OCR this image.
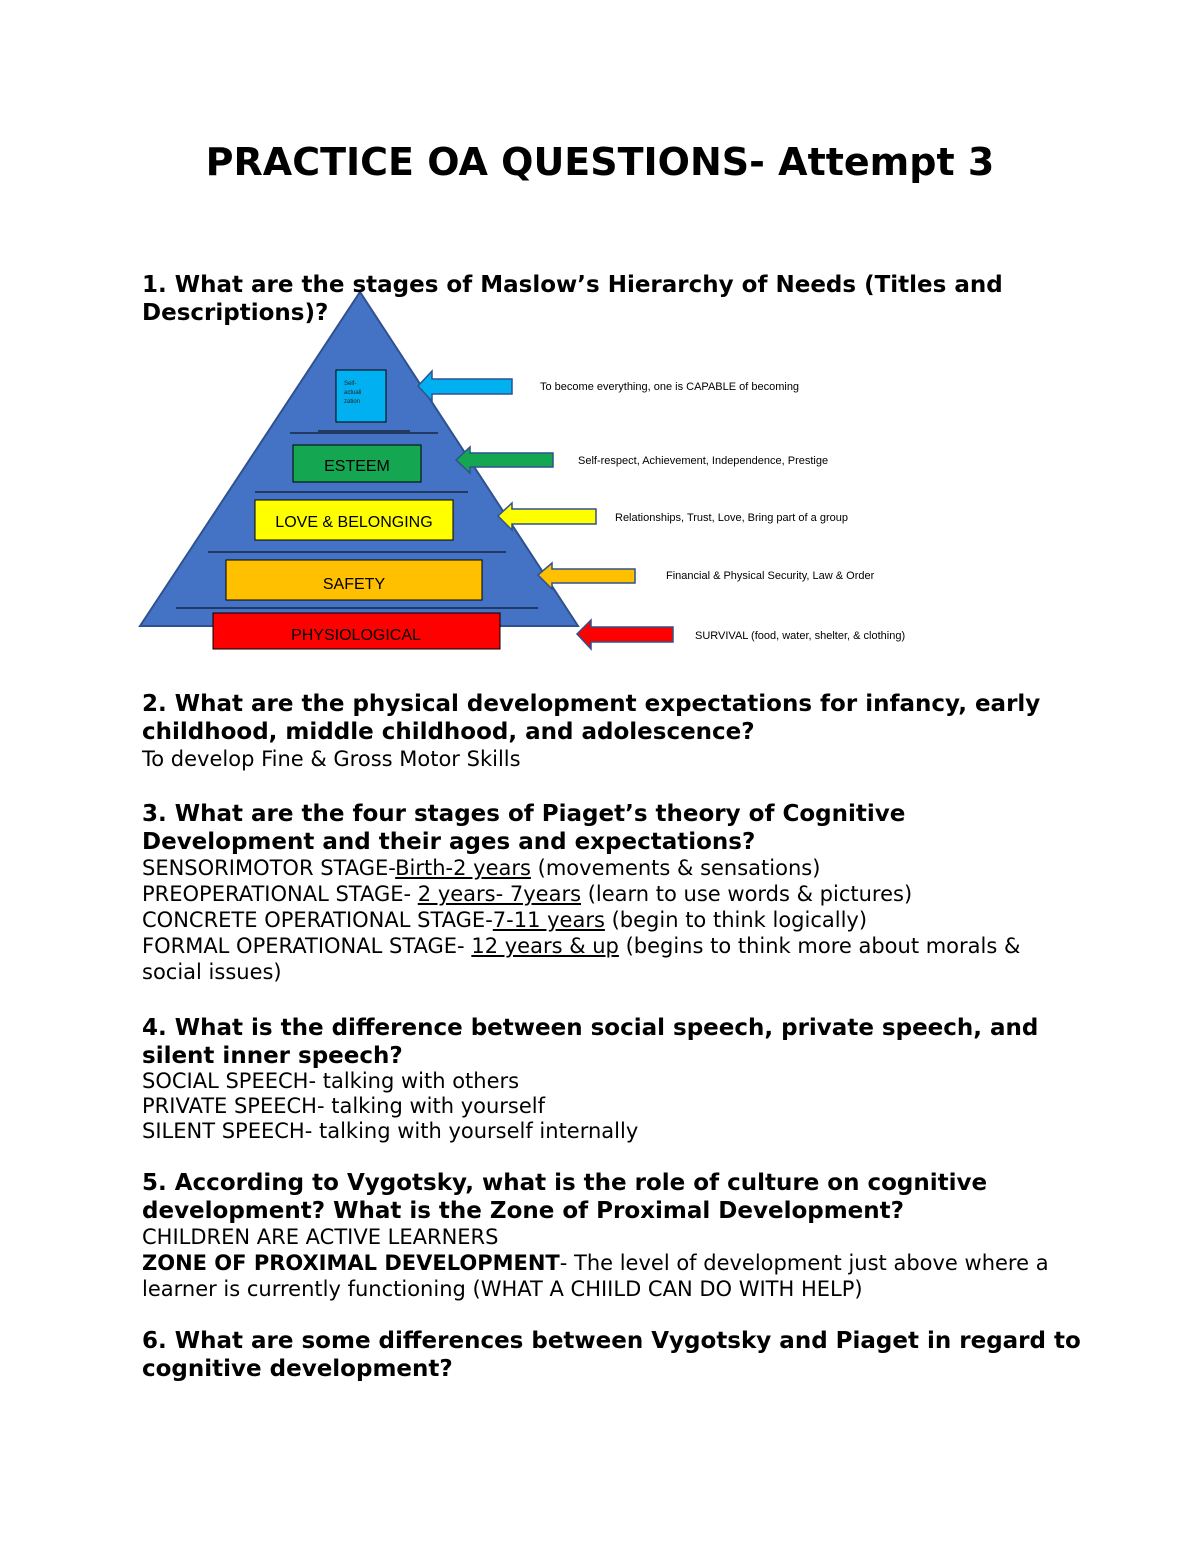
PRACTICE OA QUESTIONS- Attempt 3
Self-actuali zation
ESTEEM
LOVE & BELONGING
SAFETY
PHYSIOLOGICAL
To become everything, one is CAPABLE of becoming
Self-respect, Achievement, Independence, Prestige
Relationships, Trust, Love, Bring part of a group
Financial & Physical Security, Law & Order
SURVIVAL (food, water, shelter, & clothing)

1. What are the stages of Maslow’s Hierarchy of Needs (Titles and Descriptions)?

2. What are the physical development expectations for infancy, early childhood, middle childhood, and adolescence?

To develop Fine & Gross Motor Skills

3. What are the four stages of Piaget’s theory of Cognitive Development and their ages and expectations?

SENSORIMOTOR STAGE-Birth-2 years (movements & sensations)
PREOPERATIONAL STAGE- 2 years- 7years (learn to use words & pictures)
CONCRETE OPERATIONAL STAGE-7-11 years (begin to think logically)
FORMAL OPERATIONAL STAGE- 12 years & up (begins to think more about morals & social issues)

4. What is the difference between social speech, private speech, and silent inner speech?

SOCIAL SPEECH- talking with others
PRIVATE SPEECH- talking with yourself
SILENT SPEECH- talking with yourself internally

5. According to Vygotsky, what is the role of culture on cognitive development? What is the Zone of Proximal Development?

CHILDREN ARE ACTIVE LEARNERS
ZONE OF PROXIMAL DEVELOPMENT- The level of development just above where a learner is currently functioning (WHAT A CHIILD CAN DO WITH HELP)

6. What are some differences between Vygotsky and Piaget in regard to cognitive development?
